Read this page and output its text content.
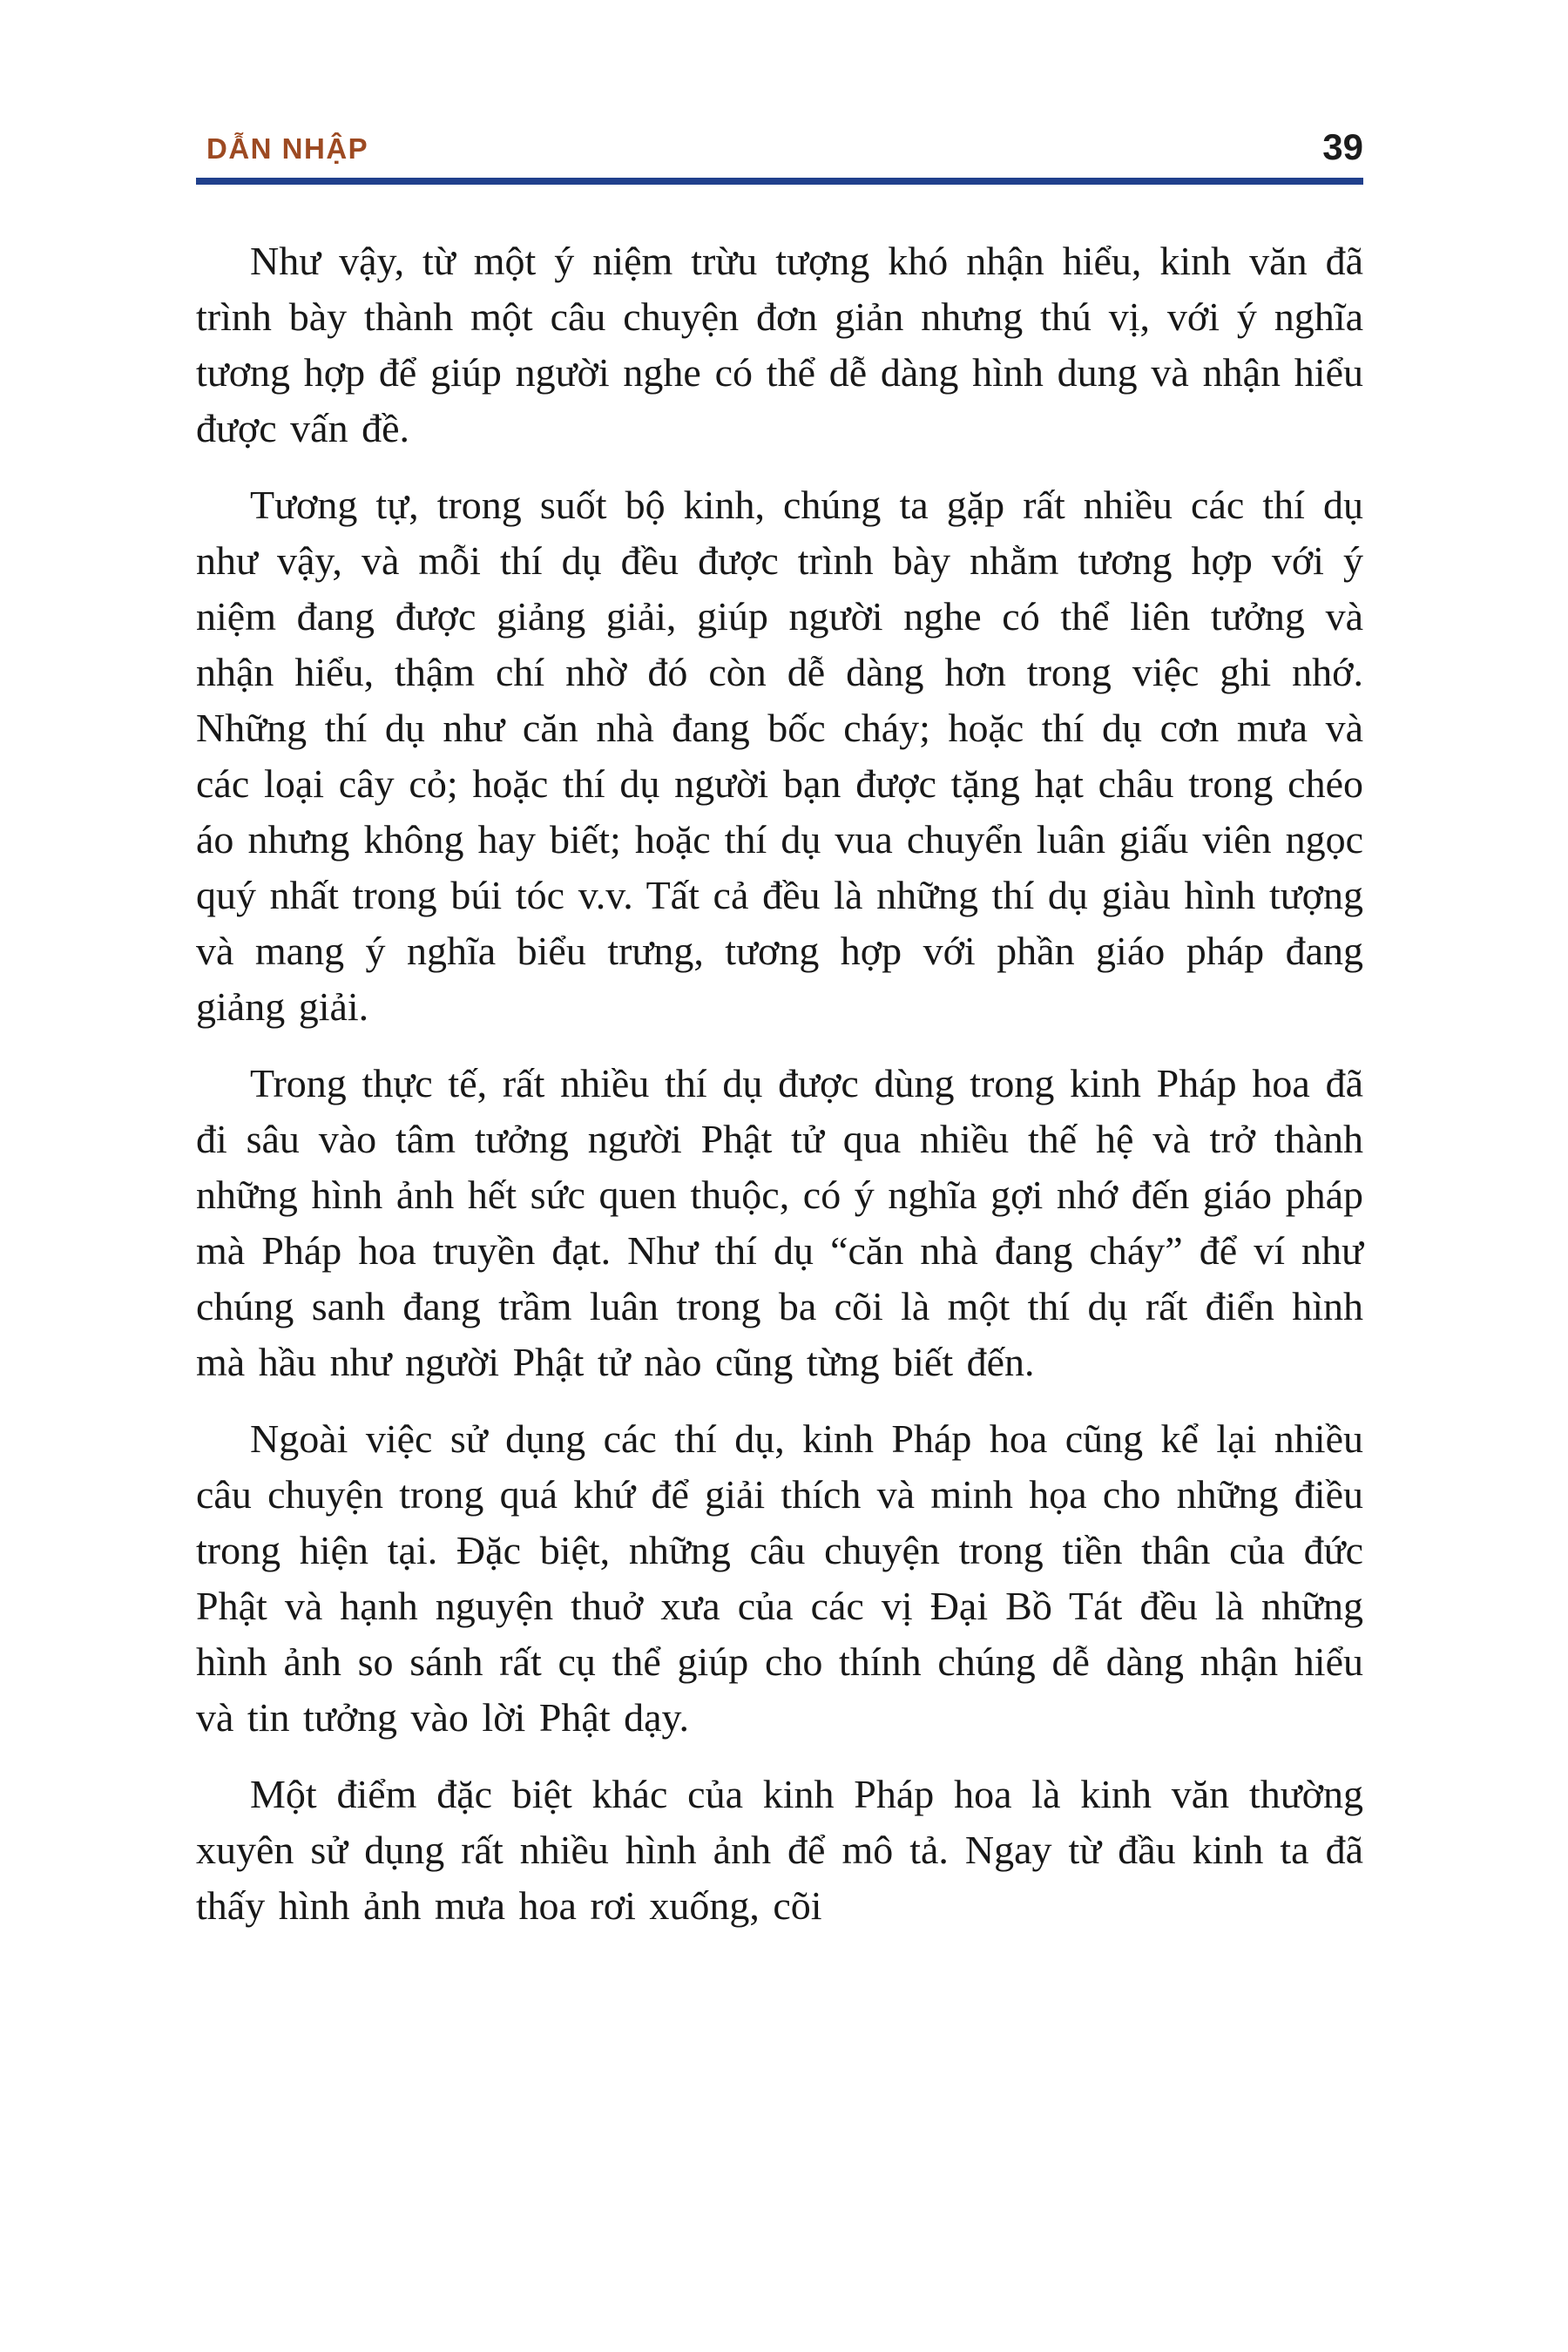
DẪN NHẬP	39

Như vậy, từ một ý niệm trừu tượng khó nhận hiểu, kinh văn đã trình bày thành một câu chuyện đơn giản nhưng thú vị, với ý nghĩa tương hợp để giúp người nghe có thể dễ dàng hình dung và nhận hiểu được vấn đề.

Tương tự, trong suốt bộ kinh, chúng ta gặp rất nhiều các thí dụ như vậy, và mỗi thí dụ đều được trình bày nhằm tương hợp với ý niệm đang được giảng giải, giúp người nghe có thể liên tưởng và nhận hiểu, thậm chí nhờ đó còn dễ dàng hơn trong việc ghi nhớ. Những thí dụ như căn nhà đang bốc cháy; hoặc thí dụ cơn mưa và các loại cây cỏ; hoặc thí dụ người bạn được tặng hạt châu trong chéo áo nhưng không hay biết; hoặc thí dụ vua chuyển luân giấu viên ngọc quý nhất trong búi tóc v.v. Tất cả đều là những thí dụ giàu hình tượng và mang ý nghĩa biểu trưng, tương hợp với phần giáo pháp đang giảng giải.

Trong thực tế, rất nhiều thí dụ được dùng trong kinh Pháp hoa đã đi sâu vào tâm tưởng người Phật tử qua nhiều thế hệ và trở thành những hình ảnh hết sức quen thuộc, có ý nghĩa gợi nhớ đến giáo pháp mà Pháp hoa truyền đạt. Như thí dụ “căn nhà đang cháy” để ví như chúng sanh đang trầm luân trong ba cõi là một thí dụ rất điển hình mà hầu như người Phật tử nào cũng từng biết đến.

Ngoài việc sử dụng các thí dụ, kinh Pháp hoa cũng kể lại nhiều câu chuyện trong quá khứ để giải thích và minh họa cho những điều trong hiện tại. Đặc biệt, những câu chuyện trong tiền thân của đức Phật và hạnh nguyện thuở xưa của các vị Đại Bồ Tát đều là những hình ảnh so sánh rất cụ thể giúp cho thính chúng dễ dàng nhận hiểu và tin tưởng vào lời Phật dạy.

Một điểm đặc biệt khác của kinh Pháp hoa là kinh văn thường xuyên sử dụng rất nhiều hình ảnh để mô tả. Ngay từ đầu kinh ta đã thấy hình ảnh mưa hoa rơi xuống, cõi
